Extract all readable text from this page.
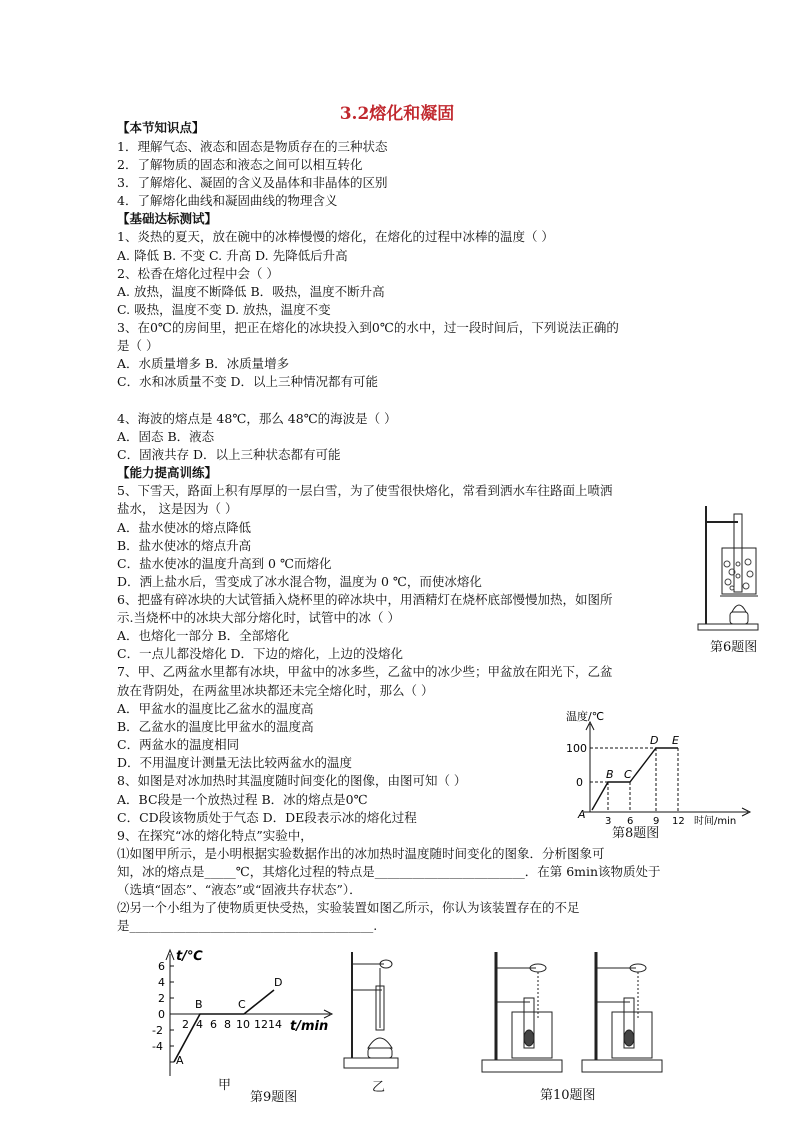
3.2熔化和凝固
【本节知识点】
1．理解气态、液态和固态是物质存在的三种状态
2．了解物质的固态和液态之间可以相互转化
3．了解熔化、凝固的含义及晶体和非晶体的区别
4．了解熔化曲线和凝固曲线的物理含义
【基础达标测试】
1、炎热的夏天，放在碗中的冰棒慢慢的熔化，在熔化的过程中冰棒的温度（ ）
A. 降低 B. 不变 C. 升高 D. 先降低后升高
2、松香在熔化过程中会（ ）
A. 放热，温度不断降低 B．吸热，温度不断升高
C. 吸热，温度不变 D. 放热，温度不变
3、在0℃的房间里，把正在熔化的冰块投入到0℃的水中，过一段时间后，下列说法正确的
是（ ）
A．水质量增多 B．冰质量增多
C．水和冰质量不变 D．以上三种情况都有可能
4、海波的熔点是 48℃，那么 48℃的海波是（ ）
A．固态 B．液态
C．固液共存 D．以上三种状态都有可能
【能力提高训练】
5、下雪天，路面上积有厚厚的一层白雪，为了使雪很快熔化，常看到洒水车往路面上喷洒
盐水， 这是因为（ ）
A．盐水使冰的熔点降低
B．盐水使冰的熔点升高
C．盐水使冰的温度升高到 0 ℃而熔化
D．洒上盐水后，雪变成了冰水混合物，温度为 0 ℃，而使冰熔化
6、把盛有碎冰块的大试管插入烧杯里的碎冰块中，用酒精灯在烧杯底部慢慢加热，如图所
示.当烧杯中的冰块大部分熔化时，试管中的冰（ ）
A．也熔化一部分 B．全部熔化
C．一点儿都没熔化 D．下边的熔化，上边的没熔化
7、甲、乙两盆水里都有冰块，甲盆中的冰多些，乙盆中的冰少些；甲盆放在阳光下，乙盆
放在背阴处，在两盆里冰块都还未完全熔化时，那么（ ）
A．甲盆水的温度比乙盆水的温度高
B．乙盆水的温度比甲盆水的温度高
C．两盆水的温度相同
D．不用温度计测量无法比较两盆水的温度
8、如图是对冰加热时其温度随时间变化的图像，由图可知（ ）
A．BC段是一个放热过程 B．冰的熔点是0℃
C．CD段该物质处于气态 D．DE段表示冰的熔化过程
9、在探究“冰的熔化特点”实验中，
⑴如图甲所示，是小明根据实验数据作出的冰加热时温度随时间变化的图象．分析图象可
知，冰的熔点是_____℃，其熔化过程的特点是________________________．在第 6min该物质处于
（选填“固态”、“液态”或“固液共存状态”）．
⑵另一个小组为了使物质更快受热，实验装置如图乙所示，你认为该装置存在的不足
是_______________________________________.
第6题图
温度/℃
100
0
3 6 9 12 时间/min
A
B C
D E
第8题图
t/℃
6
4
2
0
-2
-4
2 4 6 8 10 12 14 t/min
A
B	C
D
甲	乙
第9题图	第10题图
